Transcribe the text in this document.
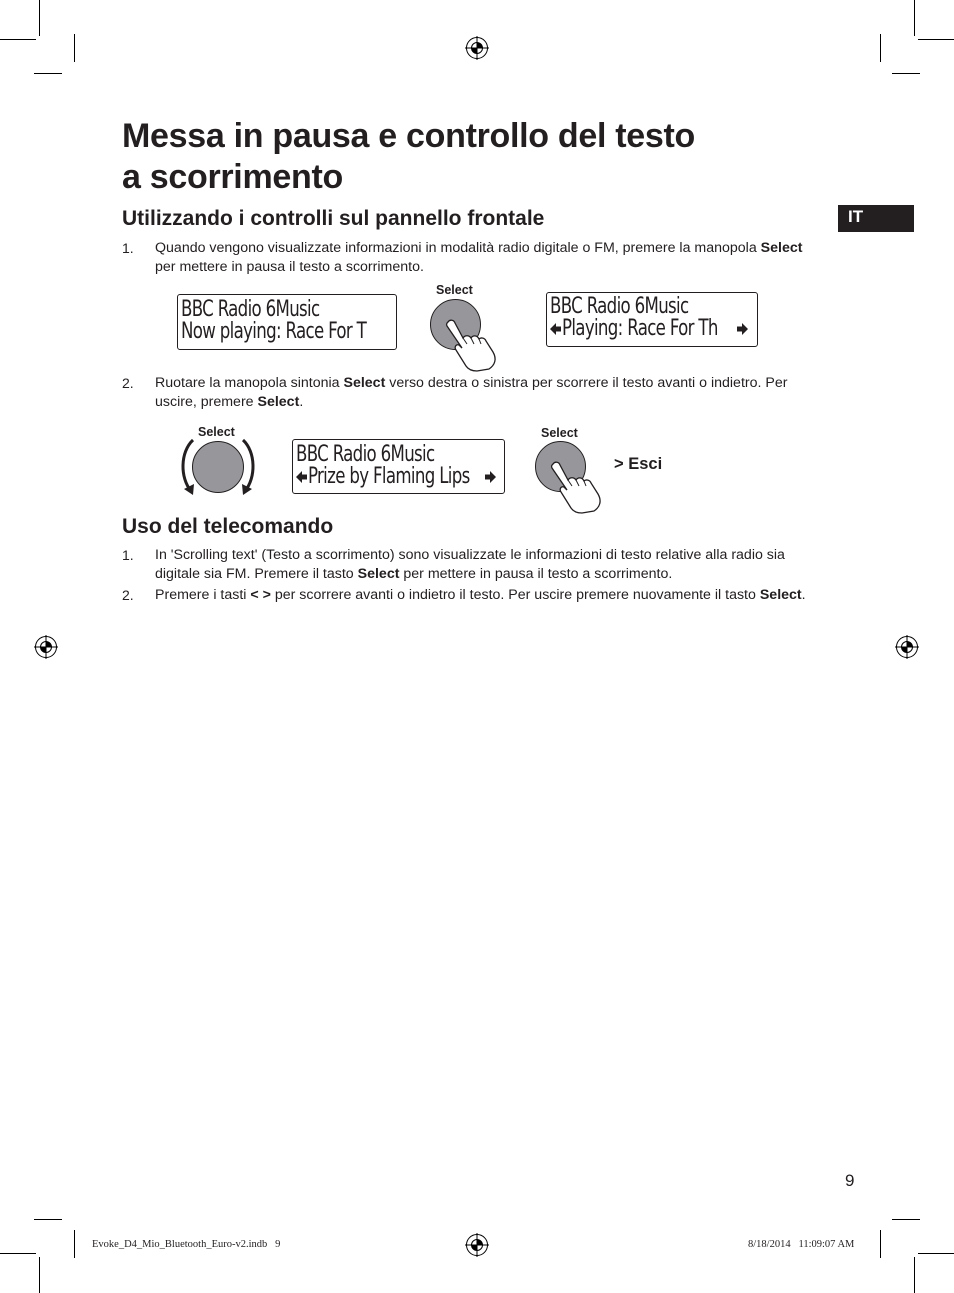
Messa in pausa e controllo del testo
a scorrimento
IT
Utilizzando i controlli sul pannello frontale
1. Quando vengono visualizzate informazioni in modalità radio digitale o FM, premere la manopola Select per mettere in pausa il testo a scorrimento.
BBC Radio 6Music
Now playing: Race For T
Select
BBC Radio 6Music
Playing: Race For Th
2. Ruotare la manopola sintonia Select verso destra o sinistra per scorrere il testo avanti o indietro. Per uscire, premere Select.
Select
BBC Radio 6Music
Prize by Flaming Lips
Select
> Esci
Uso del telecomando
1. In 'Scrolling text' (Testo a scorrimento) sono visualizzate le informazioni di testo relative alla radio sia digitale sia FM. Premere il tasto Select per mettere in pausa il testo a scorrimento.
2. Premere i tasti < > per scorrere avanti o indietro il testo. Per uscire premere nuovamente il tasto Select.
9
Evoke_D4_Mio_Bluetooth_Euro-v2.indb   9	8/18/2014   11:09:07 AM
